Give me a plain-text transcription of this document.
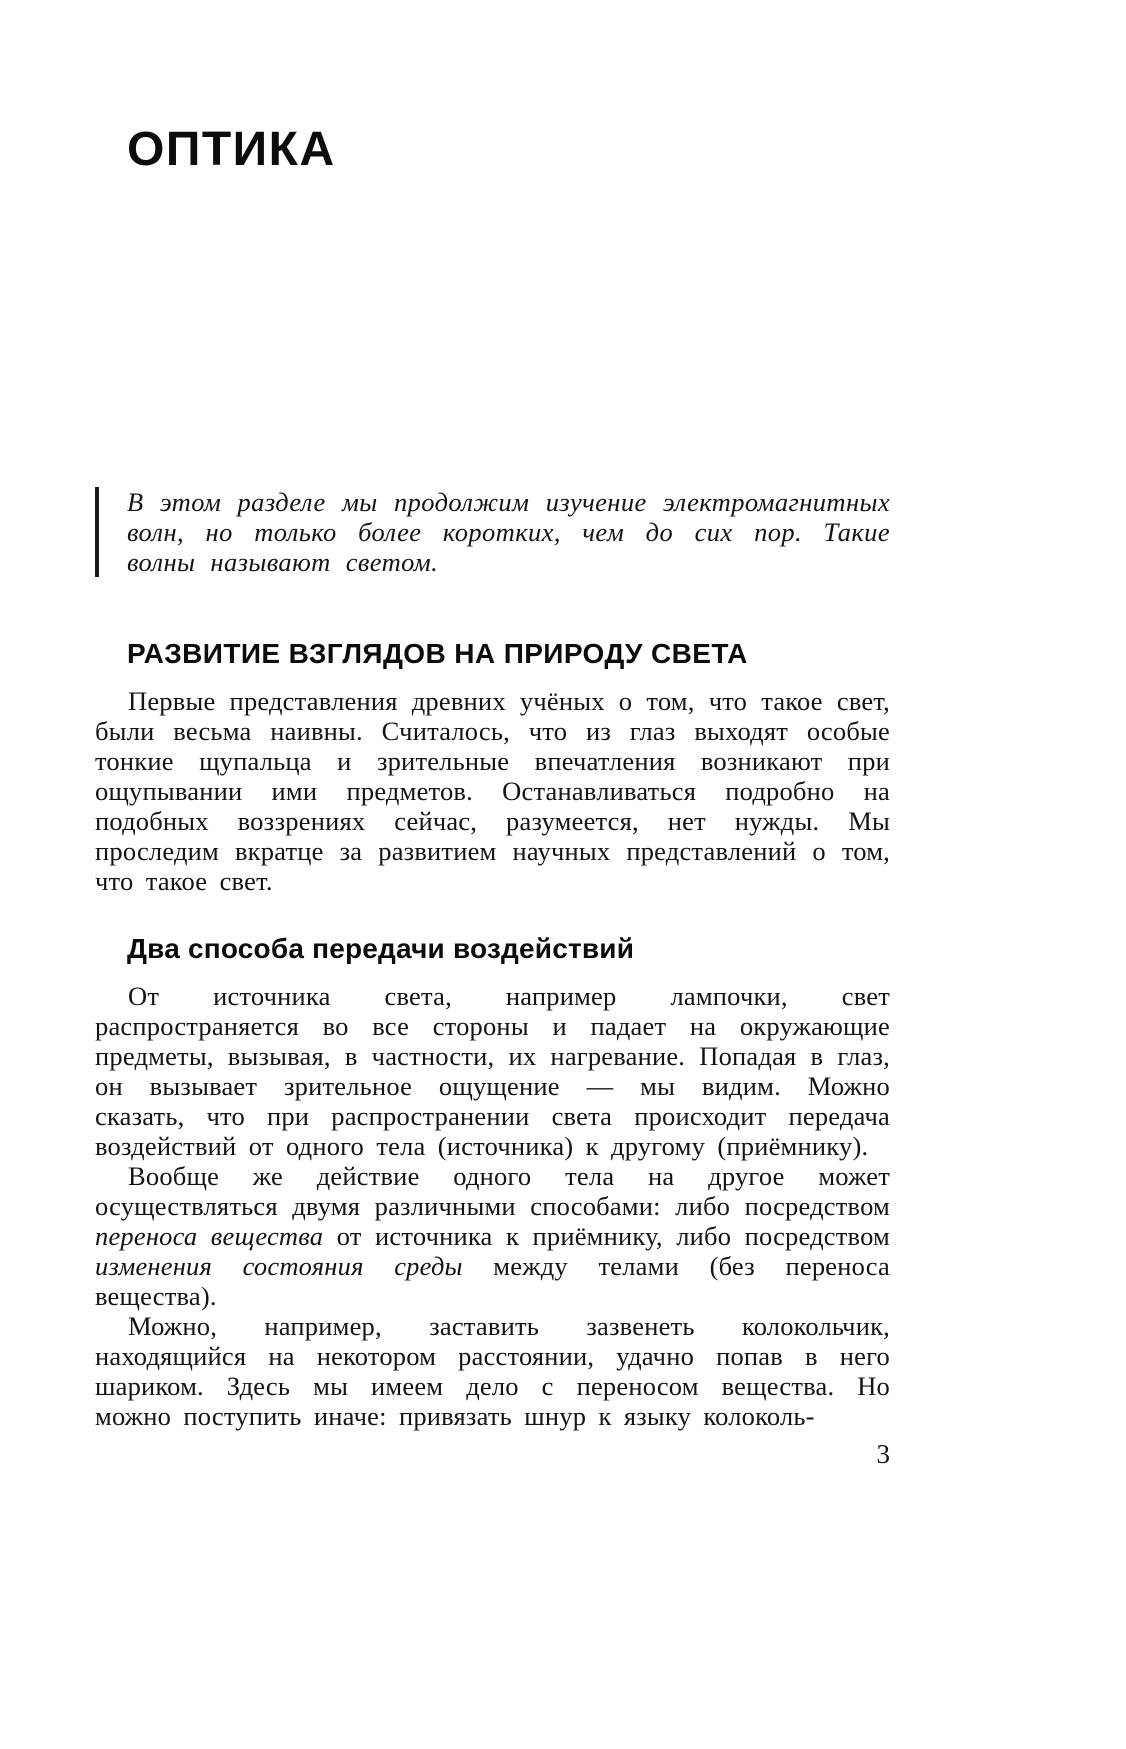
ОПТИКА

В этом разделе мы продолжим изучение электромагнитных волн, но только более коротких, чем до сих пор. Такие волны называют светом.

РАЗВИТИЕ ВЗГЛЯДОВ НА ПРИРОДУ СВЕТА

Первые представления древних учёных о том, что такое свет, были весьма наивны. Считалось, что из глаз выходят особые тонкие щупальца и зрительные впечатления возникают при ощупывании ими предметов. Останавливаться подробно на подобных воззрениях сейчас, разумеется, нет нужды. Мы проследим вкратце за развитием научных представлений о том, что такое свет.

Два способа передачи воздействий

От источника света, например лампочки, свет распространяется во все стороны и падает на окружающие предметы, вызывая, в частности, их нагревание. Попадая в глаз, он вызывает зрительное ощущение — мы видим. Можно сказать, что при распространении света происходит передача воздействий от одного тела (источника) к другому (приёмнику).

Вообще же действие одного тела на другое может осуществляться двумя различными способами: либо посредством переноса вещества от источника к приёмнику, либо посредством изменения состояния среды между телами (без переноса вещества).

Можно, например, заставить зазвенеть колокольчик, находящийся на некотором расстоянии, удачно попав в него шариком. Здесь мы имеем дело с переносом вещества. Но можно поступить иначе: привязать шнур к языку колоколь-

3
